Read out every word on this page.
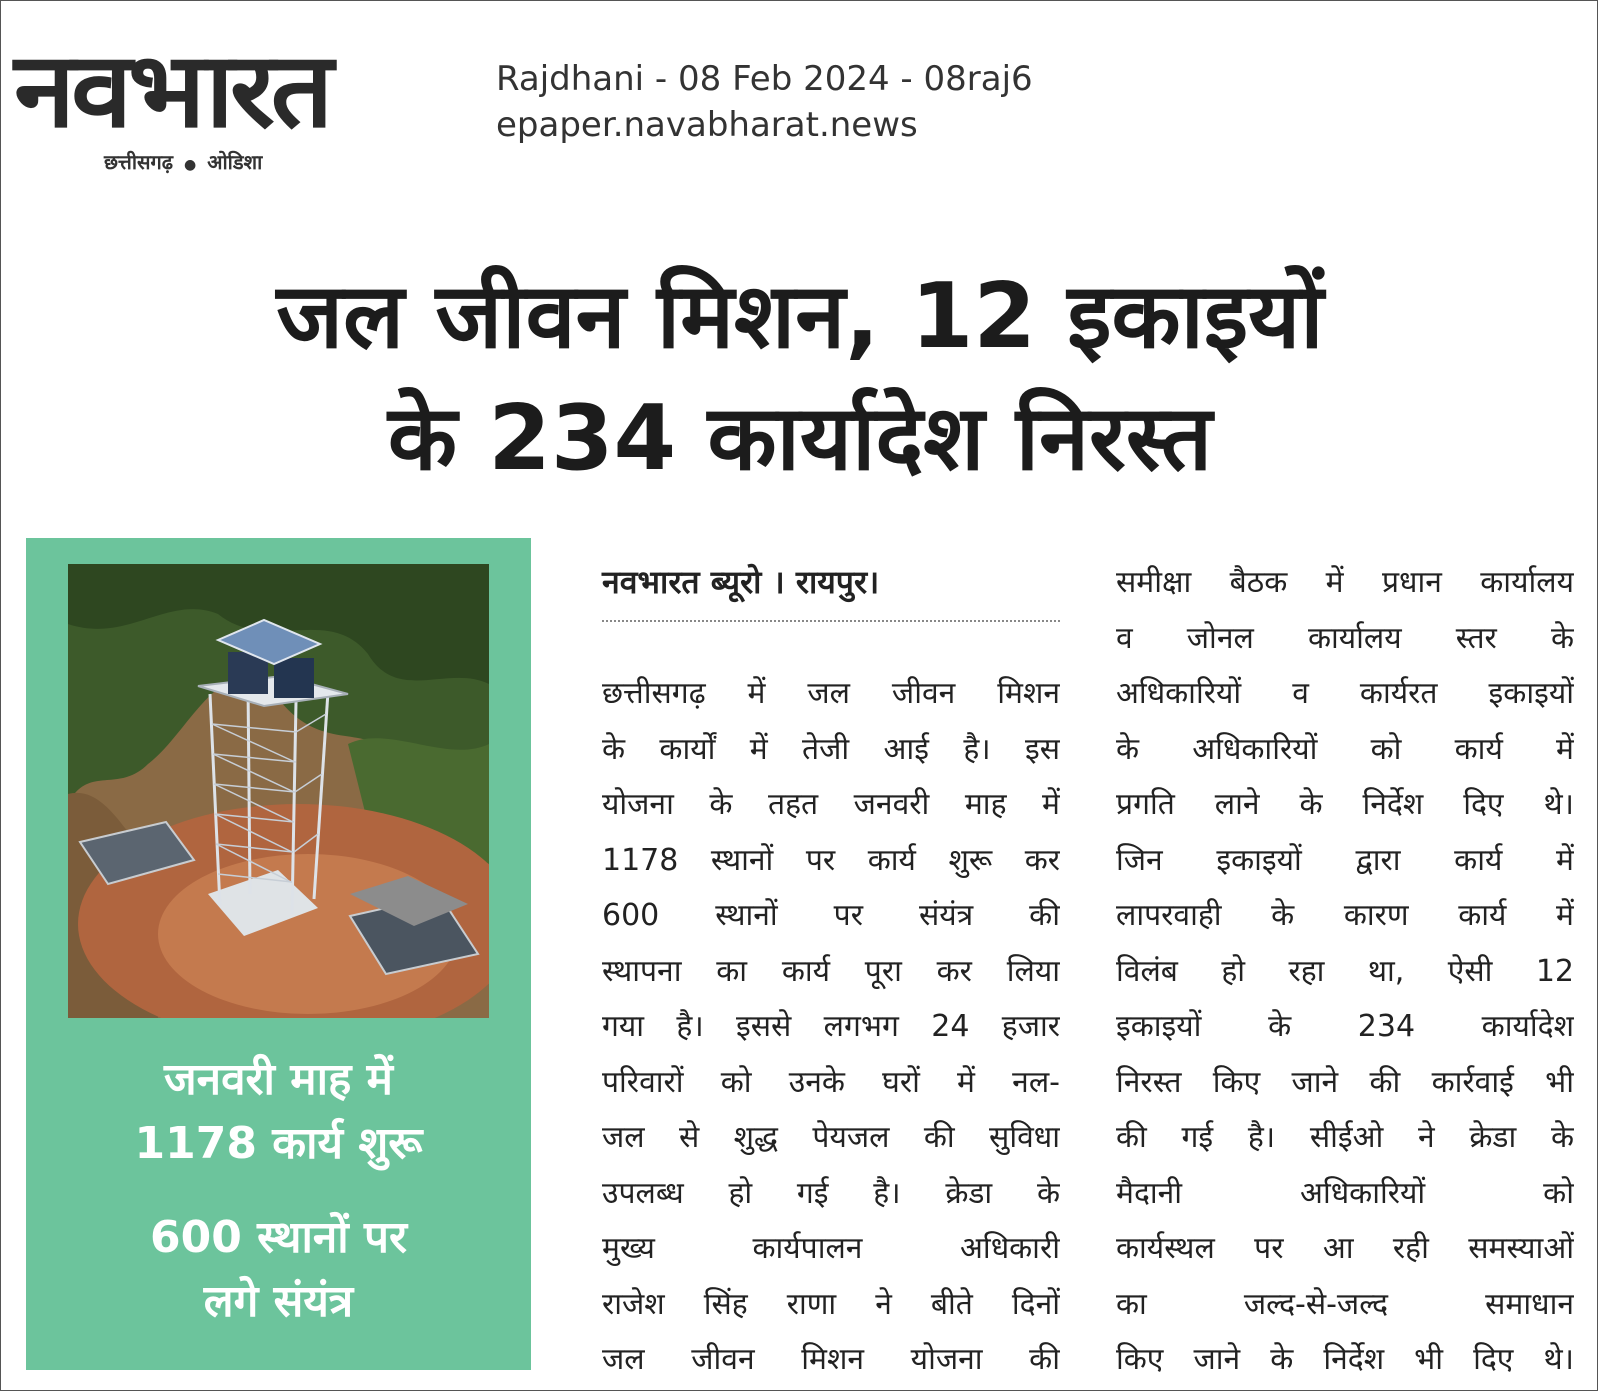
नवभारत
छत्तीसगढ़ ● ओडिशा
Rajdhani - 08 Feb 2024 - 08raj6
epaper.navabharat.news
जल जीवन मिशन, 12 इकाइयों
के 234 कार्यादेश निरस्त
जनवरी माह में
1178 कार्य शुरू
600 स्थानों पर
लगे संयंत्र
नवभारत ब्यूरो । रायपुर।
छत्तीसगढ़ में जल जीवन मिशन
के कार्यों में तेजी आई है। इस
योजना के तहत जनवरी माह में
1178 स्थानों पर कार्य शुरू कर
600 स्थानों पर संयंत्र की
स्थापना का कार्य पूरा कर लिया
गया है। इससे लगभग 24 हजार
परिवारों को उनके घरों में नल-
जल से शुद्ध पेयजल की सुविधा
उपलब्ध हो गई है। क्रेडा के
मुख्य कार्यपालन अधिकारी
राजेश सिंह राणा ने बीते दिनों
जल जीवन मिशन योजना की
समीक्षा बैठक में प्रधान कार्यालय
व जोनल कार्यालय स्तर के
अधिकारियों व कार्यरत इकाइयों
के अधिकारियों को कार्य में
प्रगति लाने के निर्देश दिए थे।
जिन इकाइयों द्वारा कार्य में
लापरवाही के कारण कार्य में
विलंब हो रहा था, ऐसी 12
इकाइयों के 234 कार्यादेश
निरस्त किए जाने की कार्रवाई भी
की गई है। सीईओ ने क्रेडा के
मैदानी अधिकारियों को
कार्यस्थल पर आ रही समस्याओं
का जल्द-से-जल्द समाधान
किए जाने के निर्देश भी दिए थे।
